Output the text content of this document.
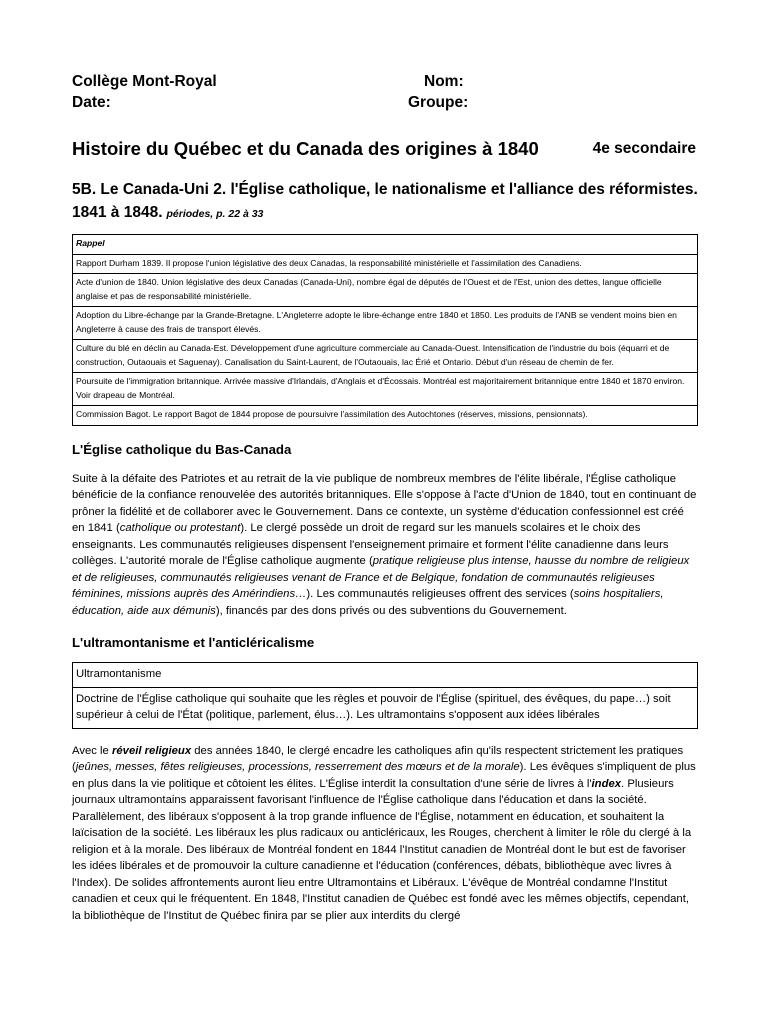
Collège Mont-Royal
Date:
Nom:
Groupe:
Histoire du Québec et du Canada des origines à 1840	4e secondaire
5B. Le Canada-Uni 2. l'Église catholique, le nationalisme et l'alliance des réformistes. 1841 à 1848. périodes, p. 22 à 33
Rappel
Rapport Durham 1839. Il propose l'union législative des deux Canadas, la responsabilité ministérielle et l'assimilation des Canadiens.
Acte d'union de 1840. Union législative des deux Canadas (Canada-Uni), nombre égal de députés de l'Ouest et de l'Est, union des dettes, langue officielle anglaise et pas de responsabilité ministérielle.
Adoption du Libre-échange par la Grande-Bretagne. L'Angleterre adopte le libre-échange entre 1840 et 1850. Les produits de l'ANB se vendent moins bien en Angleterre à cause des frais de transport élevés.
Culture du blé en déclin au Canada-Est. Développement d'une agriculture commerciale au Canada-Ouest. Intensification de l'industrie du bois (équarri et de construction, Outaouais et Saguenay). Canalisation du Saint-Laurent, de l'Outaouais, lac Érié et Ontario. Début d'un réseau de chemin de fer.
Poursuite de l'immigration britannique. Arrivée massive d'Irlandais, d'Anglais et d'Écossais. Montréal est majoritairement britannique entre 1840 et 1870 environ. Voir drapeau de Montréal.
Commission Bagot. Le rapport Bagot de 1844 propose de poursuivre l'assimilation des Autochtones (réserves, missions, pensionnats).
L'Église catholique du Bas-Canada

Suite à la défaite des Patriotes et au retrait de la vie publique de nombreux membres de l'élite libérale, l'Église catholique bénéficie de la confiance renouvelée des autorités britanniques. Elle s'oppose à l'acte d'Union de 1840, tout en continuant de prôner la fidélité et de collaborer avec le Gouvernement. Dans ce contexte, un système d'éducation confessionnel est créé en 1841 (catholique ou protestant). Le clergé possède un droit de regard sur les manuels scolaires et le choix des enseignants. Les communautés religieuses dispensent l'enseignement primaire et forment l'élite canadienne dans leurs collèges. L'autorité morale de l'Église catholique augmente (pratique religieuse plus intense, hausse du nombre de religieux et de religieuses, communautés religieuses venant de France et de Belgique, fondation de communautés religieuses féminines, missions auprès des Amérindiens…). Les communautés religieuses offrent des services (soins hospitaliers, éducation, aide aux démunis), financés par des dons privés ou des subventions du Gouvernement.

L'ultramontanisme et l'anticléricalisme
Ultramontanisme
Doctrine de l'Église catholique qui souhaite que les règles et pouvoir de l'Église (spirituel, des évêques, du pape…) soit supérieur à celui de l'État (politique, parlement, élus…). Les ultramontains s'opposent aux idées libérales

Avec le réveil religieux des années 1840, le clergé encadre les catholiques afin qu'ils respectent strictement les pratiques (jeûnes, messes, fêtes religieuses, processions, resserrement des mœurs et de la morale). Les évêques s'impliquent de plus en plus dans la vie politique et côtoient les élites. L'Église interdit la consultation d'une série de livres à l'index. Plusieurs journaux ultramontains apparaissent favorisant l'influence de l'Église catholique dans l'éducation et dans la société. Parallèlement, des libéraux s'opposent à la trop grande influence de l'Église, notamment en éducation, et souhaitent la laïcisation de la société. Les libéraux les plus radicaux ou anticléricaux, les Rouges, cherchent à limiter le rôle du clergé à la religion et à la morale. Des libéraux de Montréal fondent en 1844 l'Institut canadien de Montréal dont le but est de favoriser les idées libérales et de promouvoir la culture canadienne et l'éducation (conférences, débats, bibliothèque avec livres à l'Index). De solides affrontements auront lieu entre Ultramontains et Libéraux. L'évêque de Montréal condamne l'Institut canadien et ceux qui le fréquentent. En 1848, l'Institut canadien de Québec est fondé avec les mêmes objectifs, cependant, la bibliothèque de l'Institut de Québec finira par se plier aux interdits du clergé
